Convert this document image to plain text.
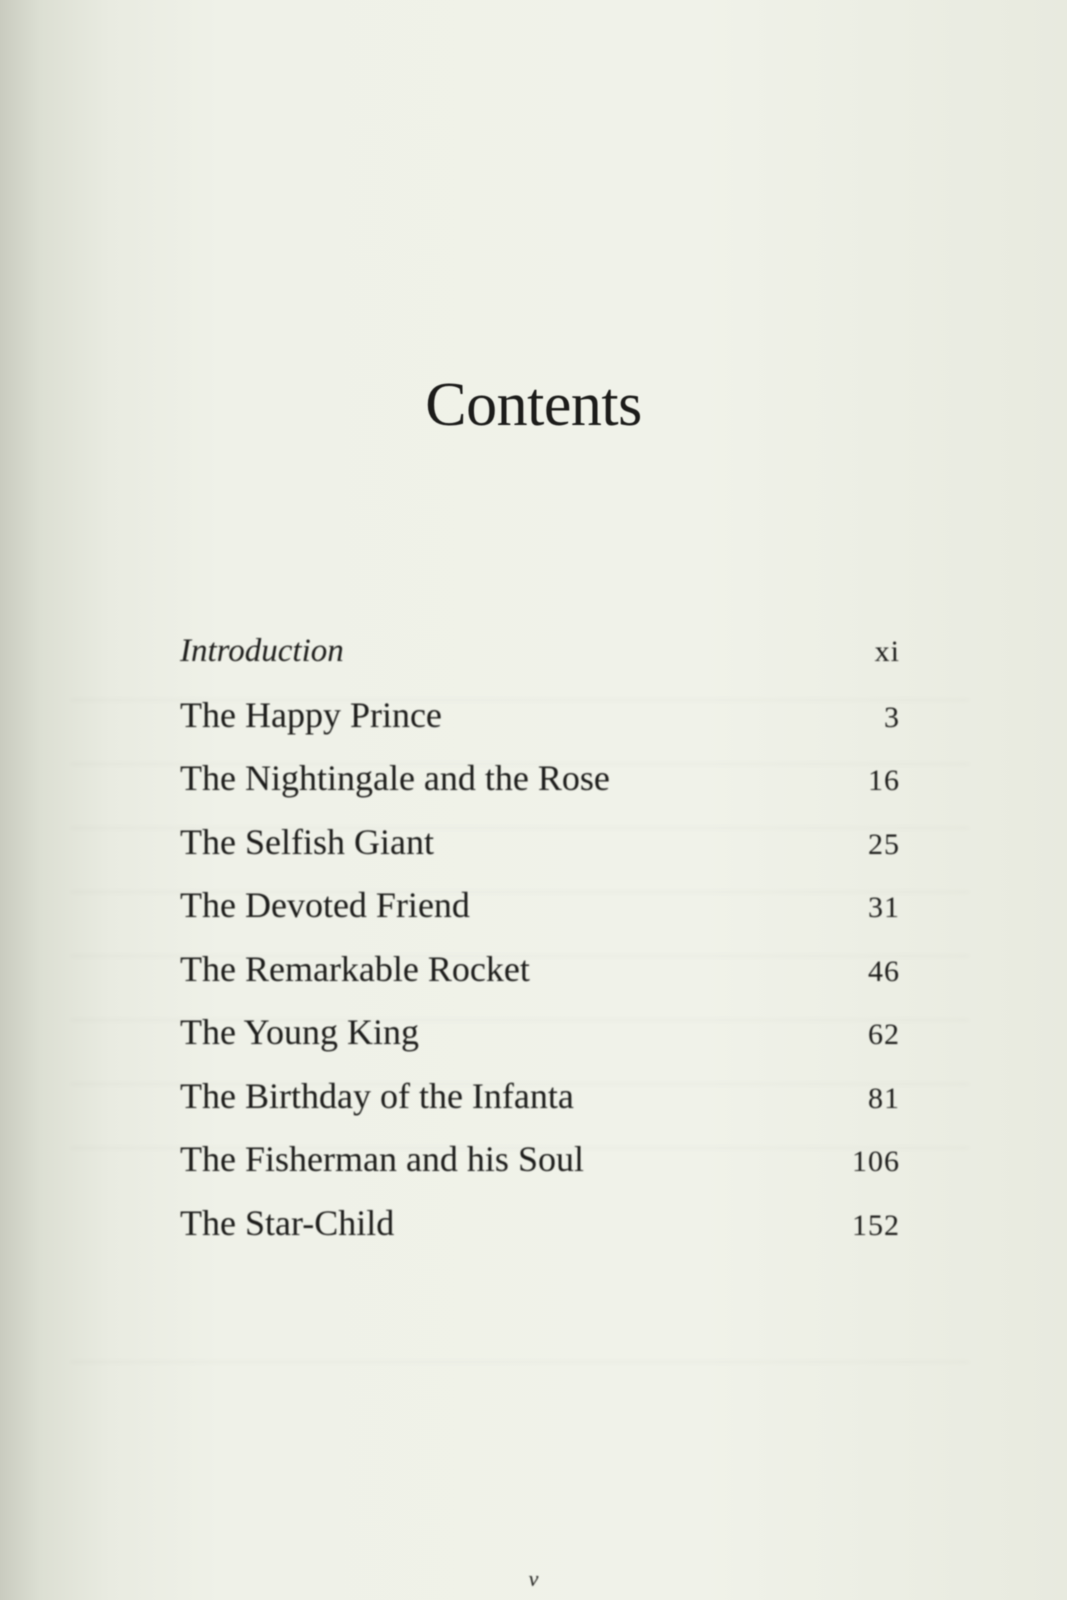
Contents
Introduction	xi
The Happy Prince	3
The Nightingale and the Rose	16
The Selfish Giant	25
The Devoted Friend	31
The Remarkable Rocket	46
The Young King	62
The Birthday of the Infanta	81
The Fisherman and his Soul	106
The Star-Child	152
v
